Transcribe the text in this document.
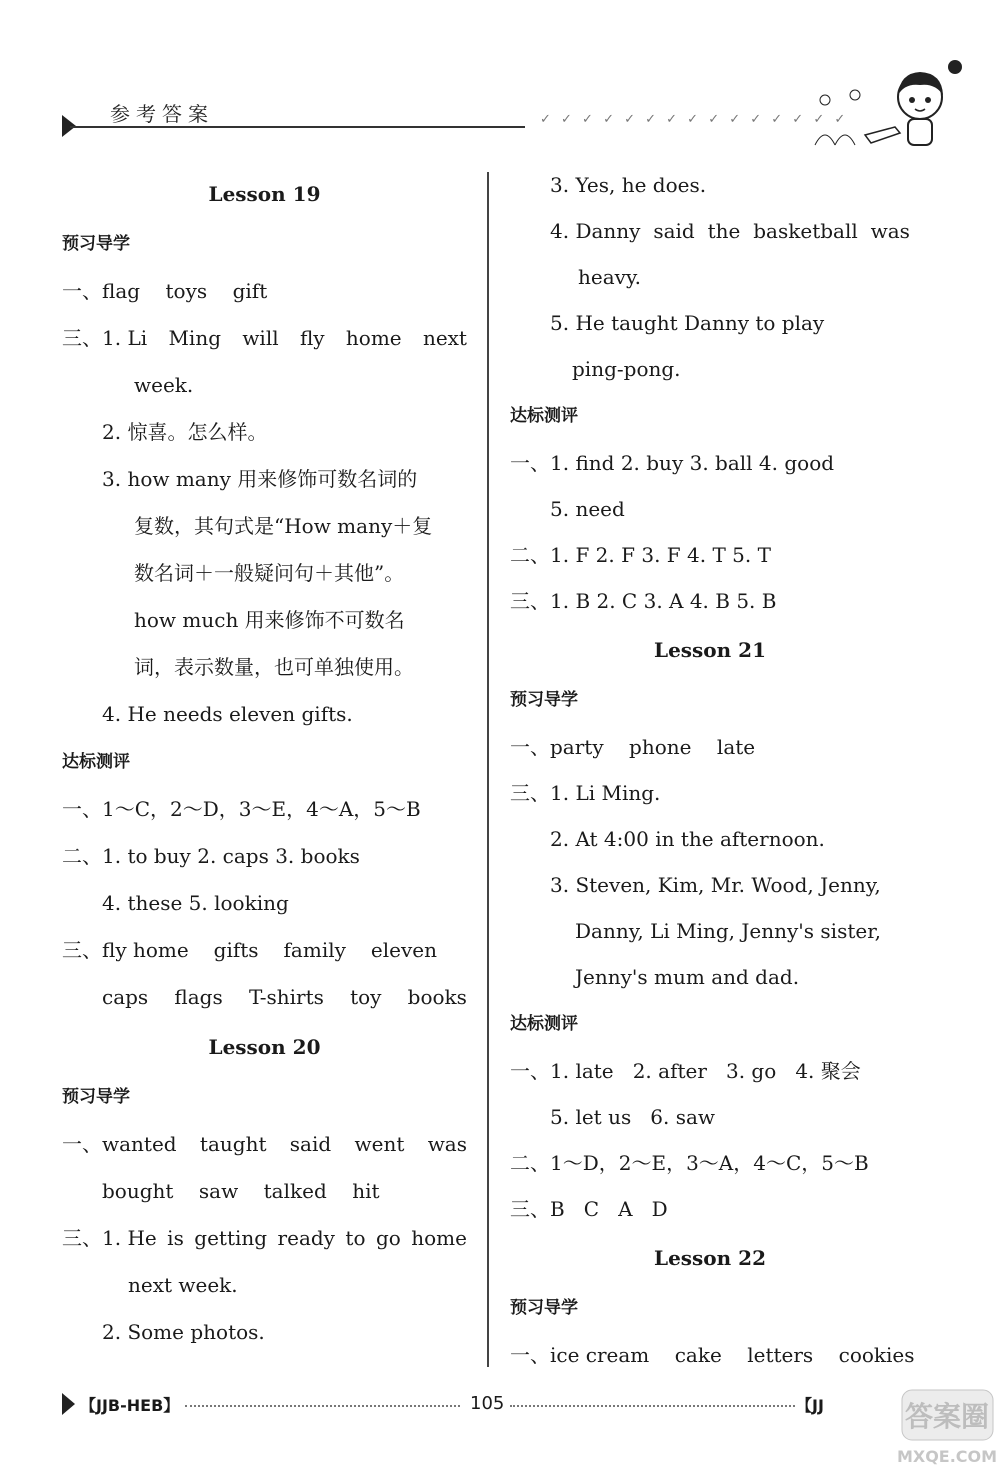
参考答案	✓ ✓ ✓ ✓ ✓ ✓ ✓ ✓ ✓ ✓ ✓ ✓ ✓ ✓ ✓
Lesson 19
预习导学
一、flag toys gift
三、1. Li Ming will fly home next
week.
2. 惊喜。怎么样。
3. how many 用来修饰可数名词的
复数，其句式是“How many＋复
数名词＋一般疑问句＋其他”。
how much 用来修饰不可数名
词，表示数量，也可单独使用。
4. He needs eleven gifts.
达标测评
一、1～C，2～D，3～E，4～A，5～B
二、1. to buy 2. caps 3. books
4. these 5. looking
三、fly home gifts family eleven
caps flags T-shirts toy books
Lesson 20
预习导学
一、wanted taught said went was
bought saw talked hit
三、1. He is getting ready to go home
next week.
2. Some photos.
3. Yes, he does.
4. Danny said the basketball was
heavy.
5. He taught Danny to play
ping-pong.
达标测评
一、1. find 2. buy 3. ball 4. good
5. need
二、1. F 2. F 3. F 4. T 5. T
三、1. B 2. C 3. A 4. B 5. B
Lesson 21
预习导学
一、party    phone    late
三、1. Li Ming.
2. At 4:00 in the afternoon.
3. Steven, Kim, Mr. Wood, Jenny,
Danny, Li Ming, Jenny's sister,
Jenny's mum and dad.
达标测评
一、1. late   2. after   3. go   4. 聚会
5. let us   6. saw
二、1～D，2～E，3～A，4～C，5～B
三、B   C   A   D
Lesson 22
预习导学
一、ice cream    cake    letters    cookies
【JJB-HEB】	105	【JJ	答案圈
MXQE.COM
